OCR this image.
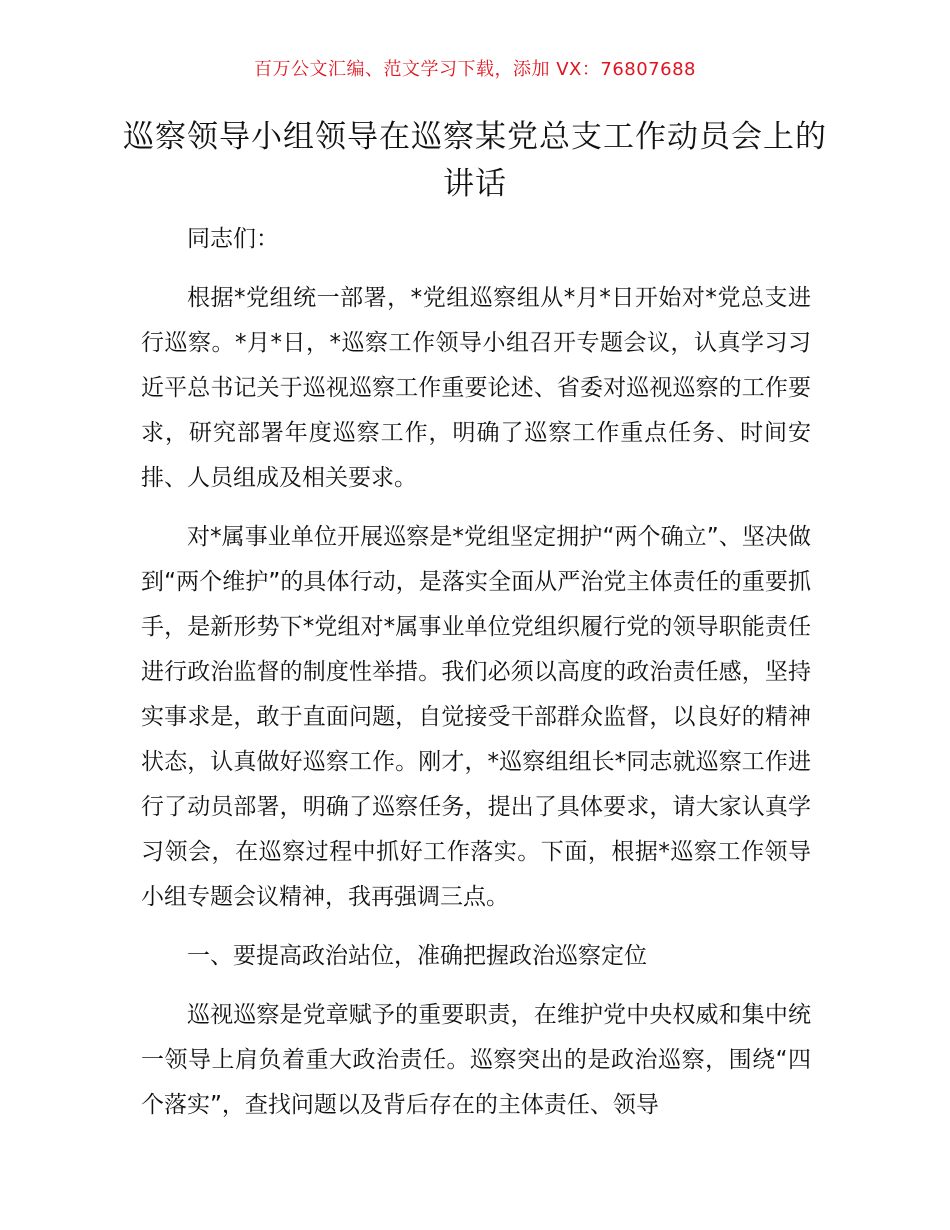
百万公文汇编、范文学习下载，添加 VX：76807688
巡察领导小组领导在巡察某党总支工作动员会上的讲话

同志们：

根据*党组统一部署，*党组巡察组从*月*日开始对*党总支进行巡察。*月*日，*巡察工作领导小组召开专题会议，认真学习习近平总书记关于巡视巡察工作重要论述、省委对巡视巡察的工作要求，研究部署年度巡察工作，明确了巡察工作重点任务、时间安排、人员组成及相关要求。

对*属事业单位开展巡察是*党组坚定拥护“两个确立”、坚决做到“两个维护”的具体行动，是落实全面从严治党主体责任的重要抓手，是新形势下*党组对*属事业单位党组织履行党的领导职能责任进行政治监督的制度性举措。我们必须以高度的政治责任感，坚持实事求是，敢于直面问题，自觉接受干部群众监督，以良好的精神状态，认真做好巡察工作。刚才，*巡察组组长*同志就巡察工作进行了动员部署，明确了巡察任务，提出了具体要求，请大家认真学习领会，在巡察过程中抓好工作落实。下面，根据*巡察工作领导小组专题会议精神，我再强调三点。

一、要提高政治站位，准确把握政治巡察定位

巡视巡察是党章赋予的重要职责，在维护党中央权威和集中统一领导上肩负着重大政治责任。巡察突出的是政治巡察，围绕“四个落实”，查找问题以及背后存在的主体责任、领导
